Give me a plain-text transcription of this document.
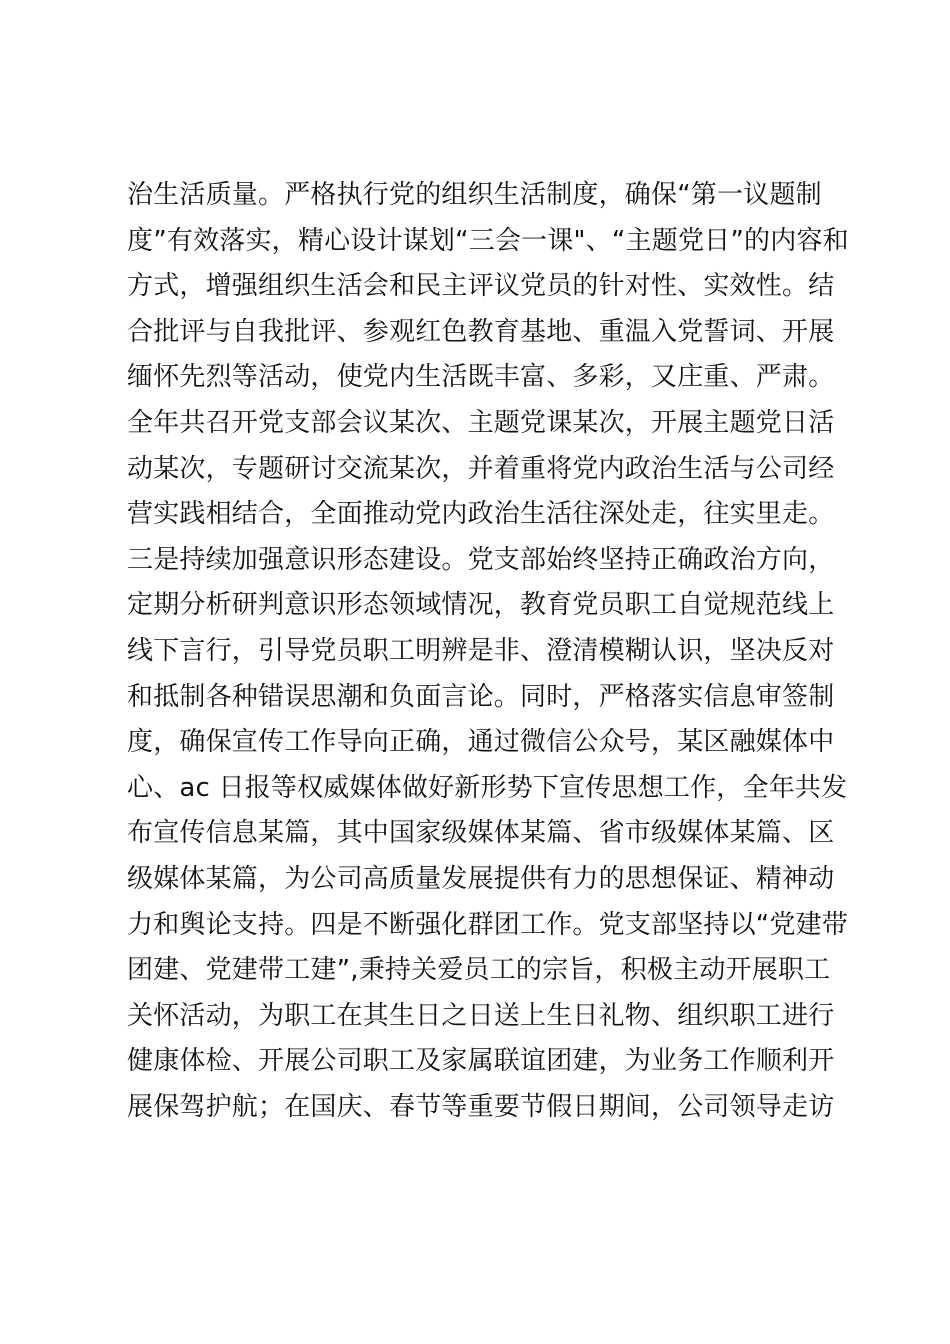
治生活质量。严格执行党的组织生活制度，确保“第一议题制
度”有效落实，精心设计谋划“三会一课"、“主题党日”的内容和
方式，增强组织生活会和民主评议党员的针对性、实效性。结
合批评与自我批评、参观红色教育基地、重温入党誓词、开展
缅怀先烈等活动，使党内生活既丰富、多彩，又庄重、严肃。
全年共召开党支部会议某次、主题党课某次，开展主题党日活
动某次，专题研讨交流某次，并着重将党内政治生活与公司经
营实践相结合，全面推动党内政治生活往深处走，往实里走。
三是持续加强意识形态建设。党支部始终坚持正确政治方向，
定期分析研判意识形态领域情况，教育党员职工自觉规范线上
线下言行，引导党员职工明辨是非、澄清模糊认识，坚决反对
和抵制各种错误思潮和负面言论。同时，严格落实信息审签制
度，确保宣传工作导向正确，通过微信公众号，某区融媒体中
心、ac 日报等权威媒体做好新形势下宣传思想工作，全年共发
布宣传信息某篇，其中国家级媒体某篇、省市级媒体某篇、区
级媒体某篇，为公司高质量发展提供有力的思想保证、精神动
力和舆论支持。四是不断强化群团工作。党支部坚持以“党建带
团建、党建带工建”,秉持关爱员工的宗旨，积极主动开展职工
关怀活动，为职工在其生日之日送上生日礼物、组织职工进行
健康体检、开展公司职工及家属联谊团建，为业务工作顺利开
展保驾护航；在国庆、春节等重要节假日期间，公司领导走访
